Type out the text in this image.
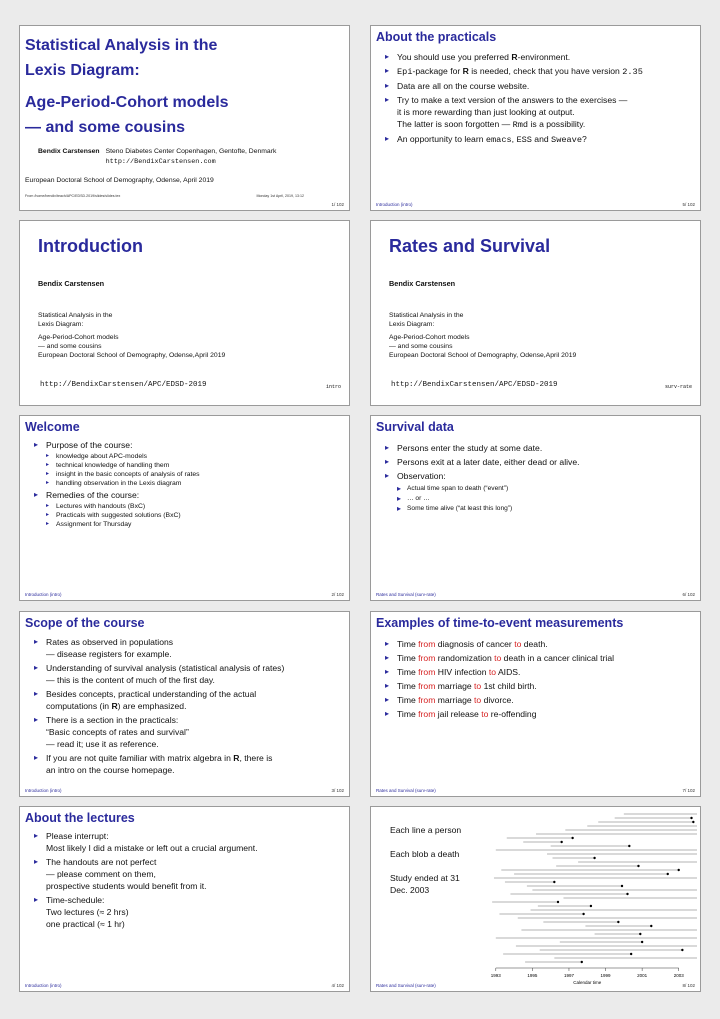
Statistical Analysis in the
Lexis Diagram:
Age-Period-Cohort models
— and some cousins
Bendix Carstensen Steno Diabetes Center Copenhagen, Gentofte, Denmark
http://BendixCarstensen.com
European Doctoral School of Demography, Odense, April 2019
From /home/bendix/teach/APC/EDSD.2019/slides/slides.tex	Monday 1st April, 2019, 13:12
1/ 102
About the practicals
▸ You should use you preferred R-environment.
▸ Epi-package for R is needed, check that you have version 2.35
▸ Data are all on the course website.
▸ Try to make a text version of the answers to the exercises —
it is more rewarding than just looking at output.
The latter is soon forgotten — Rmd is a possibility.
▸ An opportunity to learn emacs, ESS and Sweave?
Introduction (intro)	5/ 102
Introduction
Bendix Carstensen
Statistical Analysis in the
Lexis Diagram:
Age-Period-Cohort models
— and some cousins
European Doctoral School of Demography, Odense,April 2019
http://BendixCarstensen/APC/EDSD-2019	intro
Rates and Survival
Bendix Carstensen
Statistical Analysis in the
Lexis Diagram:
Age-Period-Cohort models
— and some cousins
European Doctoral School of Demography, Odense,April 2019
http://BendixCarstensen/APC/EDSD-2019	surv-rate
Welcome
▸ Purpose of the course:
▸ knowledge about APC-models
▸ technical knowledge of handling them
▸ insight in the basic concepts of analysis of rates
▸ handling observation in the Lexis diagram
▸ Remedies of the course:
▸ Lectures with handouts (BxC)
▸ Practicals with suggested solutions (BxC)
▸ Assignment for Thursday
Introduction (intro)	2/ 102
Survival data
▸ Persons enter the study at some date.
▸ Persons exit at a later date, either dead or alive.
▸ Observation:
▸ Actual time span to death (“event”)
▸ … or …
▸ Some time alive (“at least this long”)
Rates and Survival (surv-rate)	6/ 102
Scope of the course
▸ Rates as observed in populations
— disease registers for example.
▸ Understanding of survival analysis (statistical analysis of rates)
— this is the content of much of the first day.
▸ Besides concepts, practical understanding of the actual
computations (in R) are emphasized.
▸ There is a section in the practicals:
“Basic concepts of rates and survival”
— read it; use it as reference.
▸ If you are not quite familiar with matrix algebra in R, there is
an intro on the course homepage.
Introduction (intro)	3/ 102
Examples of time-to-event measurements
▸ Time from diagnosis of cancer to death.
▸ Time from randomization to death in a cancer clinical trial
▸ Time from HIV infection to AIDS.
▸ Time from marriage to 1st child birth.
▸ Time from marriage to divorce.
▸ Time from jail release to re-offending
Rates and Survival (surv-rate)	7/ 102
About the lectures
▸ Please interrupt:
Most likely I did a mistake or left out a crucial argument.
▸ The handouts are not perfect
— please comment on them,
prospective students would benefit from it.
▸ Time-schedule:
Two lectures (≈ 2 hrs)
one practical (≈ 1 hr)
Introduction (intro)	4/ 102
Each line a person
Each blob a death
Study ended at 31
Dec. 2003
1993	1995	1997	1999	2001	2003
Calendar time
Rates and Survival (surv-rate)	8/ 102
